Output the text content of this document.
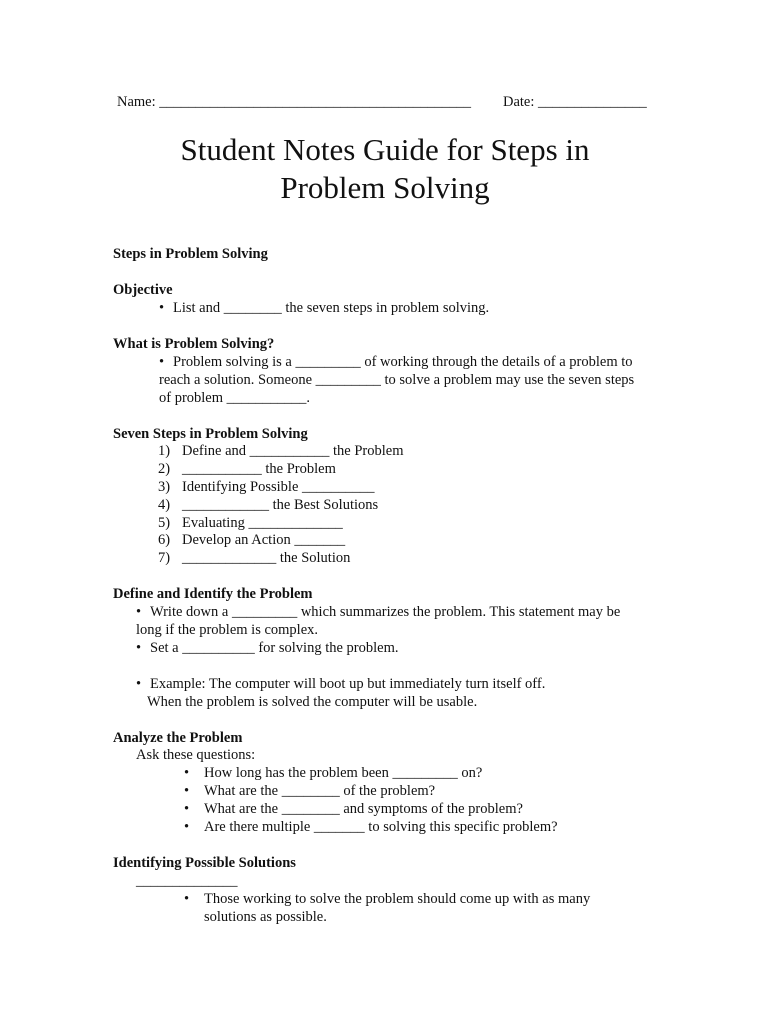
Name: ___________________________________________ Date: _______________
Student Notes Guide for Steps in
Problem Solving
Steps in Problem Solving
Objective
• List and ________ the seven steps in problem solving.
What is Problem Solving?
• Problem solving is a _________ of working through the details of a problem to
reach a solution. Someone _________ to solve a problem may use the seven steps
of problem ___________.
Seven Steps in Problem Solving
1) Define and ___________ the Problem
2) ___________ the Problem
3) Identifying Possible __________
4) ____________ the Best Solutions
5) Evaluating _____________
6) Develop an Action _______
7) _____________ the Solution
Define and Identify the Problem
• Write down a _________ which summarizes the problem. This statement may be
long if the problem is complex.
• Set a __________ for solving the problem.
• Example: The computer will boot up but immediately turn itself off.
When the problem is solved the computer will be usable.
Analyze the Problem
Ask these questions:
• How long has the problem been _________ on?
• What are the ________ of the problem?
• What are the ________ and symptoms of the problem?
• Are there multiple _______ to solving this specific problem?
Identifying Possible Solutions
______________
• Those working to solve the problem should come up with as many
solutions as possible.
